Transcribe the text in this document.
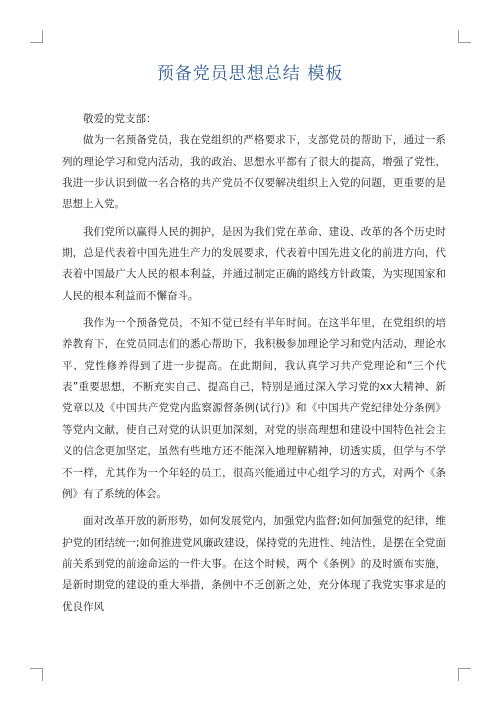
预备党员思想总结 模板

敬爱的党支部：

做为一名预备党员，我在党组织的严格要求下，支部党员的帮助下，通过一系列的理论学习和党内活动，我的政治、思想水平都有了很大的提高，增强了党性，我进一步认识到做一名合格的共产党员不仅要解决组织上入党的问题，更重要的是思想上入党。

我们党所以赢得人民的拥护，是因为我们党在革命、建设、改革的各个历史时期，总是代表着中国先进生产力的发展要求，代表着中国先进文化的前进方向，代表着中国最广大人民的根本利益，并通过制定正确的路线方针政策，为实现国家和人民的根本利益而不懈奋斗。

我作为一个预备党员，不知不觉已经有半年时间。在这半年里，在党组织的培养教育下，在党员同志们的悉心帮助下，我积极参加理论学习和党内活动，理论水平、党性修养得到了进一步提高。在此期间，我认真学习共产党理论和“三个代表”重要思想，不断充实自己、提高自己，特别是通过深入学习党的xx大精神、新党章以及《中国共产党党内监察源督条例(试行)》和《中国共产党纪律处分条例》等党内文献，使自己对党的认识更加深刻，对党的崇高理想和建设中国特色社会主义的信念更加坚定，虽然有些地方还不能深入地理解精神，切透实质，但学与不学不一样，尤其作为一个年轻的员工，很高兴能通过中心组学习的方式，对两个《条例》有了系统的体会。

面对改革开放的新形势，如何发展党内，加强党内监督;如何加强党的纪律，维护党的团结统一;如何推进党风廉政建设，保持党的先进性、纯洁性，是摆在全党面前关系到党的前途命运的一件大事。在这个时候，两个《条例》的及时颁布实施，是新时期党的建设的重大举措，条例中不乏创新之处，充分体现了我党实事求是的优良作风
